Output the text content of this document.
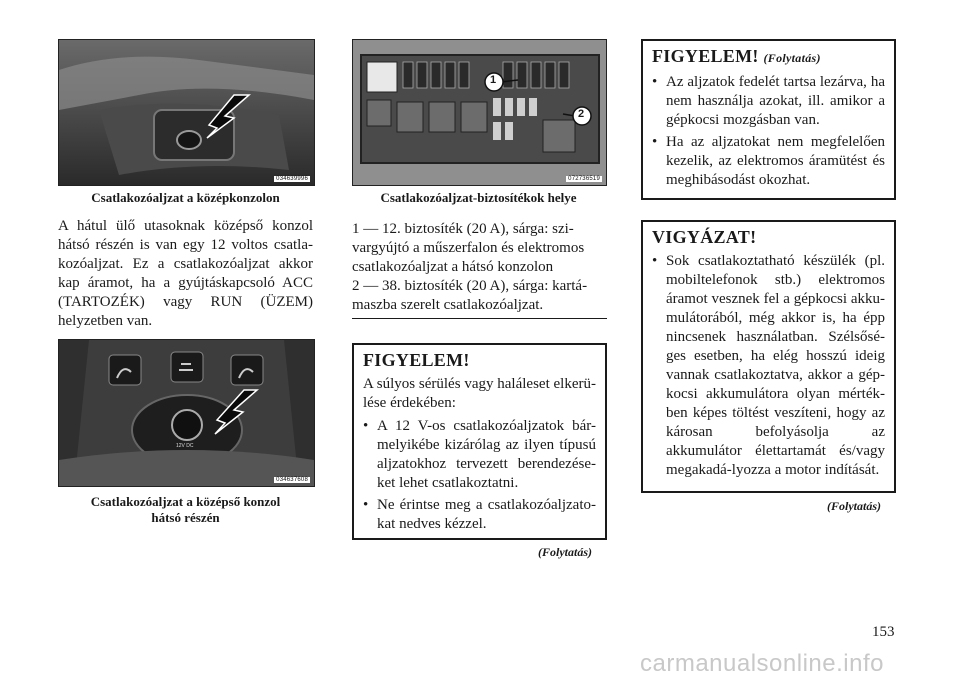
034639996
Csatlakozóaljzat a középkonzolon
A hátul ülő utasoknak középső konzol hátsó részén is van egy 12 voltos csatla-kozóaljzat. Ez a csatlakozóaljzat akkor kap áramot, ha a gyújtáskapcsoló ACC (TARTOZÉK) vagy RUN (ÜZEM) helyzetben van.
12V DC
034637608
Csatlakozóaljzat a középső konzol
hátsó részén
1
2
072736519
Csatlakozóaljzat-biztosítékok helye
1 — 12. biztosíték (20 A), sárga: szi-
vargyújtó a műszerfalon és elektromos
csatlakozóaljzat a hátsó konzolon
2 — 38. biztosíték (20 A), sárga: kartá-
maszba szerelt csatlakozóaljzat.
FIGYELEM!

A súlyos sérülés vagy haláleset elkerü-lése érdekében:

• A 12 V-os csatlakozóaljzatok bár-melyikébe kizárólag az ilyen típusú aljzatokhoz tervezett berendezése-ket lehet csatlakoztatni.
• Ne érintse meg a csatlakozóaljzato-kat nedves kézzel.
(Folytatás)
FIGYELEM! (Folytatás)
• Az aljzatok fedelét tartsa lezárva, ha nem használja azokat, ill. amikor a gépkocsi mozgásban van.
• Ha az aljzatokat nem megfelelően kezelik, az elektromos áramütést és meghibásodást okozhat.
VIGYÁZAT!
• Sok csatlakoztatható készülék (pl. mobiltelefonok stb.) elektromos áramot vesznek fel a gépkocsi akku-mulátorából, még akkor is, ha épp nincsenek használatban. Szélsősé-ges esetben, ha elég hosszú ideig vannak csatlakoztatva, akkor a gép-kocsi akkumulátora olyan mérték-ben képes töltést veszíteni, hogy az károsan befolyásolja az akkumulátor élettartamát és/vagy megakadá-lyozza a motor indítását.
(Folytatás)
153
carmanualsonline.info
